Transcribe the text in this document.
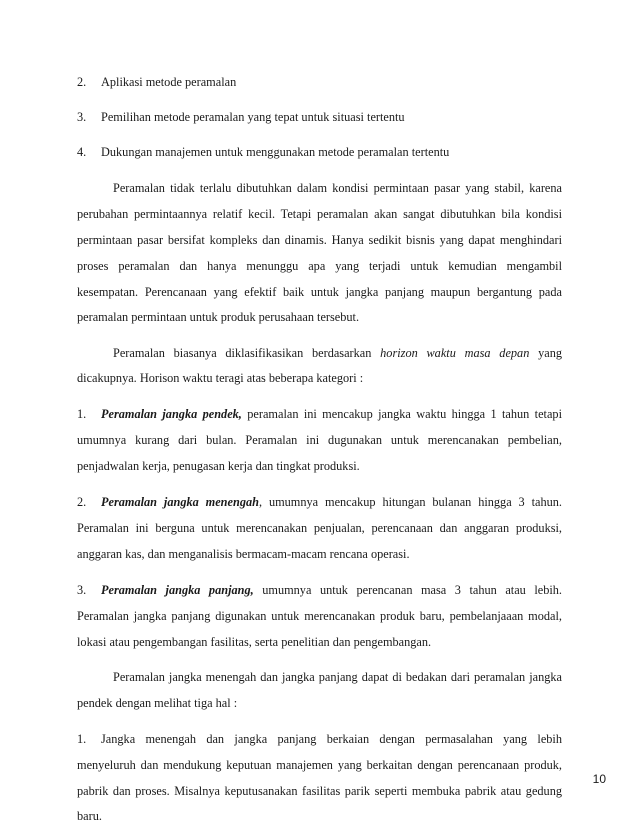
2. Aplikasi metode peramalan
3. Pemilihan metode peramalan yang tepat untuk situasi tertentu
4. Dukungan manajemen untuk menggunakan metode peramalan tertentu
Peramalan tidak terlalu dibutuhkan dalam kondisi permintaan pasar yang stabil, karena
perubahan permintaannya relatif kecil. Tetapi peramalan akan sangat dibutuhkan bila kondisi
permintaan pasar bersifat kompleks dan dinamis. Hanya sedikit bisnis yang dapat menghindari
proses peramalan dan hanya menunggu apa yang terjadi untuk kemudian mengambil
kesempatan. Perencanaan yang efektif baik untuk jangka panjang maupun bergantung pada
peramalan permintaan untuk produk perusahaan tersebut.
Peramalan biasanya diklasifikasikan berdasarkan horizon waktu masa depan yang
dicakupnya. Horison waktu teragi atas beberapa kategori :
1. Peramalan jangka pendek, peramalan ini mencakup jangka waktu hingga 1 tahun tetapi
umumnya kurang dari bulan. Peramalan ini dugunakan untuk merencanakan pembelian,
penjadwalan kerja, penugasan kerja dan tingkat produksi.
2. Peramalan jangka menengah, umumnya mencakup hitungan bulanan hingga 3 tahun.
Peramalan ini berguna untuk merencanakan penjualan, perencanaan dan anggaran produksi,
anggaran kas, dan menganalisis bermacam-macam rencana operasi.
3. Peramalan jangka panjang, umumnya untuk perencanan masa 3 tahun atau lebih.
Peramalan jangka panjang digunakan untuk merencanakan produk baru, pembelanjaaan modal,
lokasi atau pengembangan fasilitas, serta penelitian dan pengembangan.
Peramalan jangka menengah dan jangka panjang dapat di bedakan dari peramalan jangka
pendek dengan melihat tiga hal :
1. Jangka menengah dan jangka panjang berkaian dengan permasalahan yang lebih
menyeluruh dan mendukung keputuan manajemen yang berkaitan dengan perencanaan produk,
pabrik dan proses. Misalnya keputusanakan fasilitas parik seperti membuka pabrik atau gedung
baru.
10
